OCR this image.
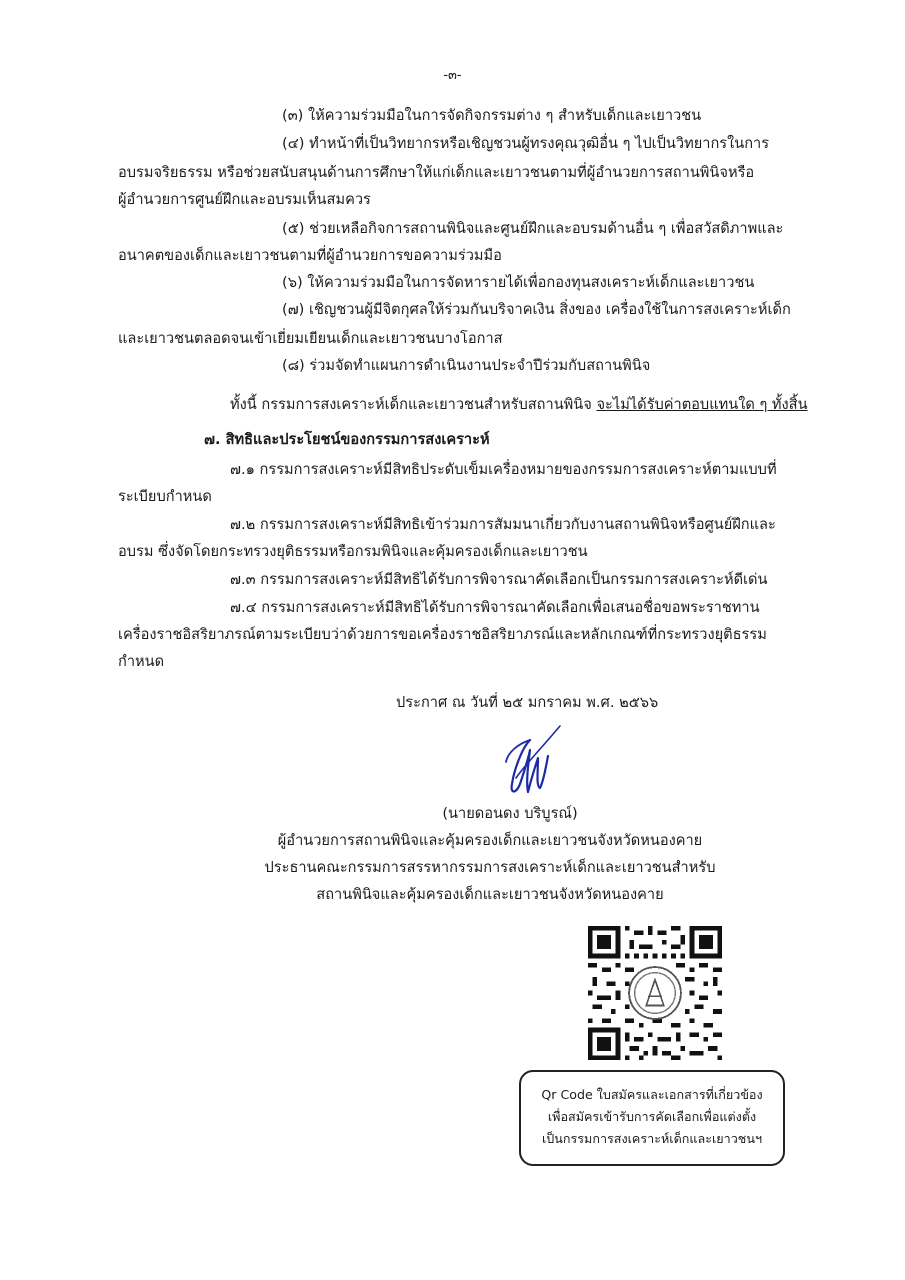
-๓-
(๓) ให้ความร่วมมือในการจัดกิจกรรมต่าง ๆ สำหรับเด็กและเยาวชน
(๔) ทำหน้าที่เป็นวิทยากรหรือเชิญชวนผู้ทรงคุณวุฒิอื่น ๆ ไปเป็นวิทยากรในการ
อบรมจริยธรรม หรือช่วยสนับสนุนด้านการศึกษาให้แก่เด็กและเยาวชนตามที่ผู้อำนวยการสถานพินิจหรือ
ผู้อำนวยการศูนย์ฝึกและอบรมเห็นสมควร
(๕) ช่วยเหลือกิจการสถานพินิจและศูนย์ฝึกและอบรมด้านอื่น ๆ เพื่อสวัสดิภาพและ
อนาคตของเด็กและเยาวชนตามที่ผู้อำนวยการขอความร่วมมือ
(๖) ให้ความร่วมมือในการจัดหารายได้เพื่อกองทุนสงเคราะห์เด็กและเยาวชน
(๗) เชิญชวนผู้มีจิตกุศลให้ร่วมกันบริจาคเงิน สิ่งของ เครื่องใช้ในการสงเคราะห์เด็ก
และเยาวชนตลอดจนเข้าเยี่ยมเยียนเด็กและเยาวชนบางโอกาส
(๘) ร่วมจัดทำแผนการดำเนินงานประจำปีร่วมกับสถานพินิจ
ทั้งนี้ กรรมการสงเคราะห์เด็กและเยาวชนสำหรับสถานพินิจ จะไม่ได้รับค่าตอบแทนใด ๆ ทั้งสิ้น
๗. สิทธิและประโยชน์ของกรรมการสงเคราะห์
๗.๑ กรรมการสงเคราะห์มีสิทธิประดับเข็มเครื่องหมายของกรรมการสงเคราะห์ตามแบบที่
ระเบียบกำหนด
๗.๒ กรรมการสงเคราะห์มีสิทธิเข้าร่วมการสัมมนาเกี่ยวกับงานสถานพินิจหรือศูนย์ฝึกและ
อบรม ซึ่งจัดโดยกระทรวงยุติธรรมหรือกรมพินิจและคุ้มครองเด็กและเยาวชน
๗.๓ กรรมการสงเคราะห์มีสิทธิได้รับการพิจารณาคัดเลือกเป็นกรรมการสงเคราะห์ดีเด่น
๗.๔ กรรมการสงเคราะห์มีสิทธิได้รับการพิจารณาคัดเลือกเพื่อเสนอชื่อขอพระราชทาน
เครื่องราชอิสริยาภรณ์ตามระเบียบว่าด้วยการขอเครื่องราชอิสริยาภรณ์และหลักเกณฑ์ที่กระทรวงยุติธรรม
กำหนด
ประกาศ ณ วันที่ ๒๕ มกราคม พ.ศ. ๒๕๖๖
(นายดอนดง บริบูรณ์)
ผู้อำนวยการสถานพินิจและคุ้มครองเด็กและเยาวชนจังหวัดหนองคาย
ประธานคณะกรรมการสรรหากรรมการสงเคราะห์เด็กและเยาวชนสำหรับ
สถานพินิจและคุ้มครองเด็กและเยาวชนจังหวัดหนองคาย
Qr Code ใบสมัครและเอกสารที่เกี่ยวข้อง
เพื่อสมัครเข้ารับการคัดเลือกเพื่อแต่งตั้ง
เป็นกรรมการสงเคราะห์เด็กและเยาวชนฯ
